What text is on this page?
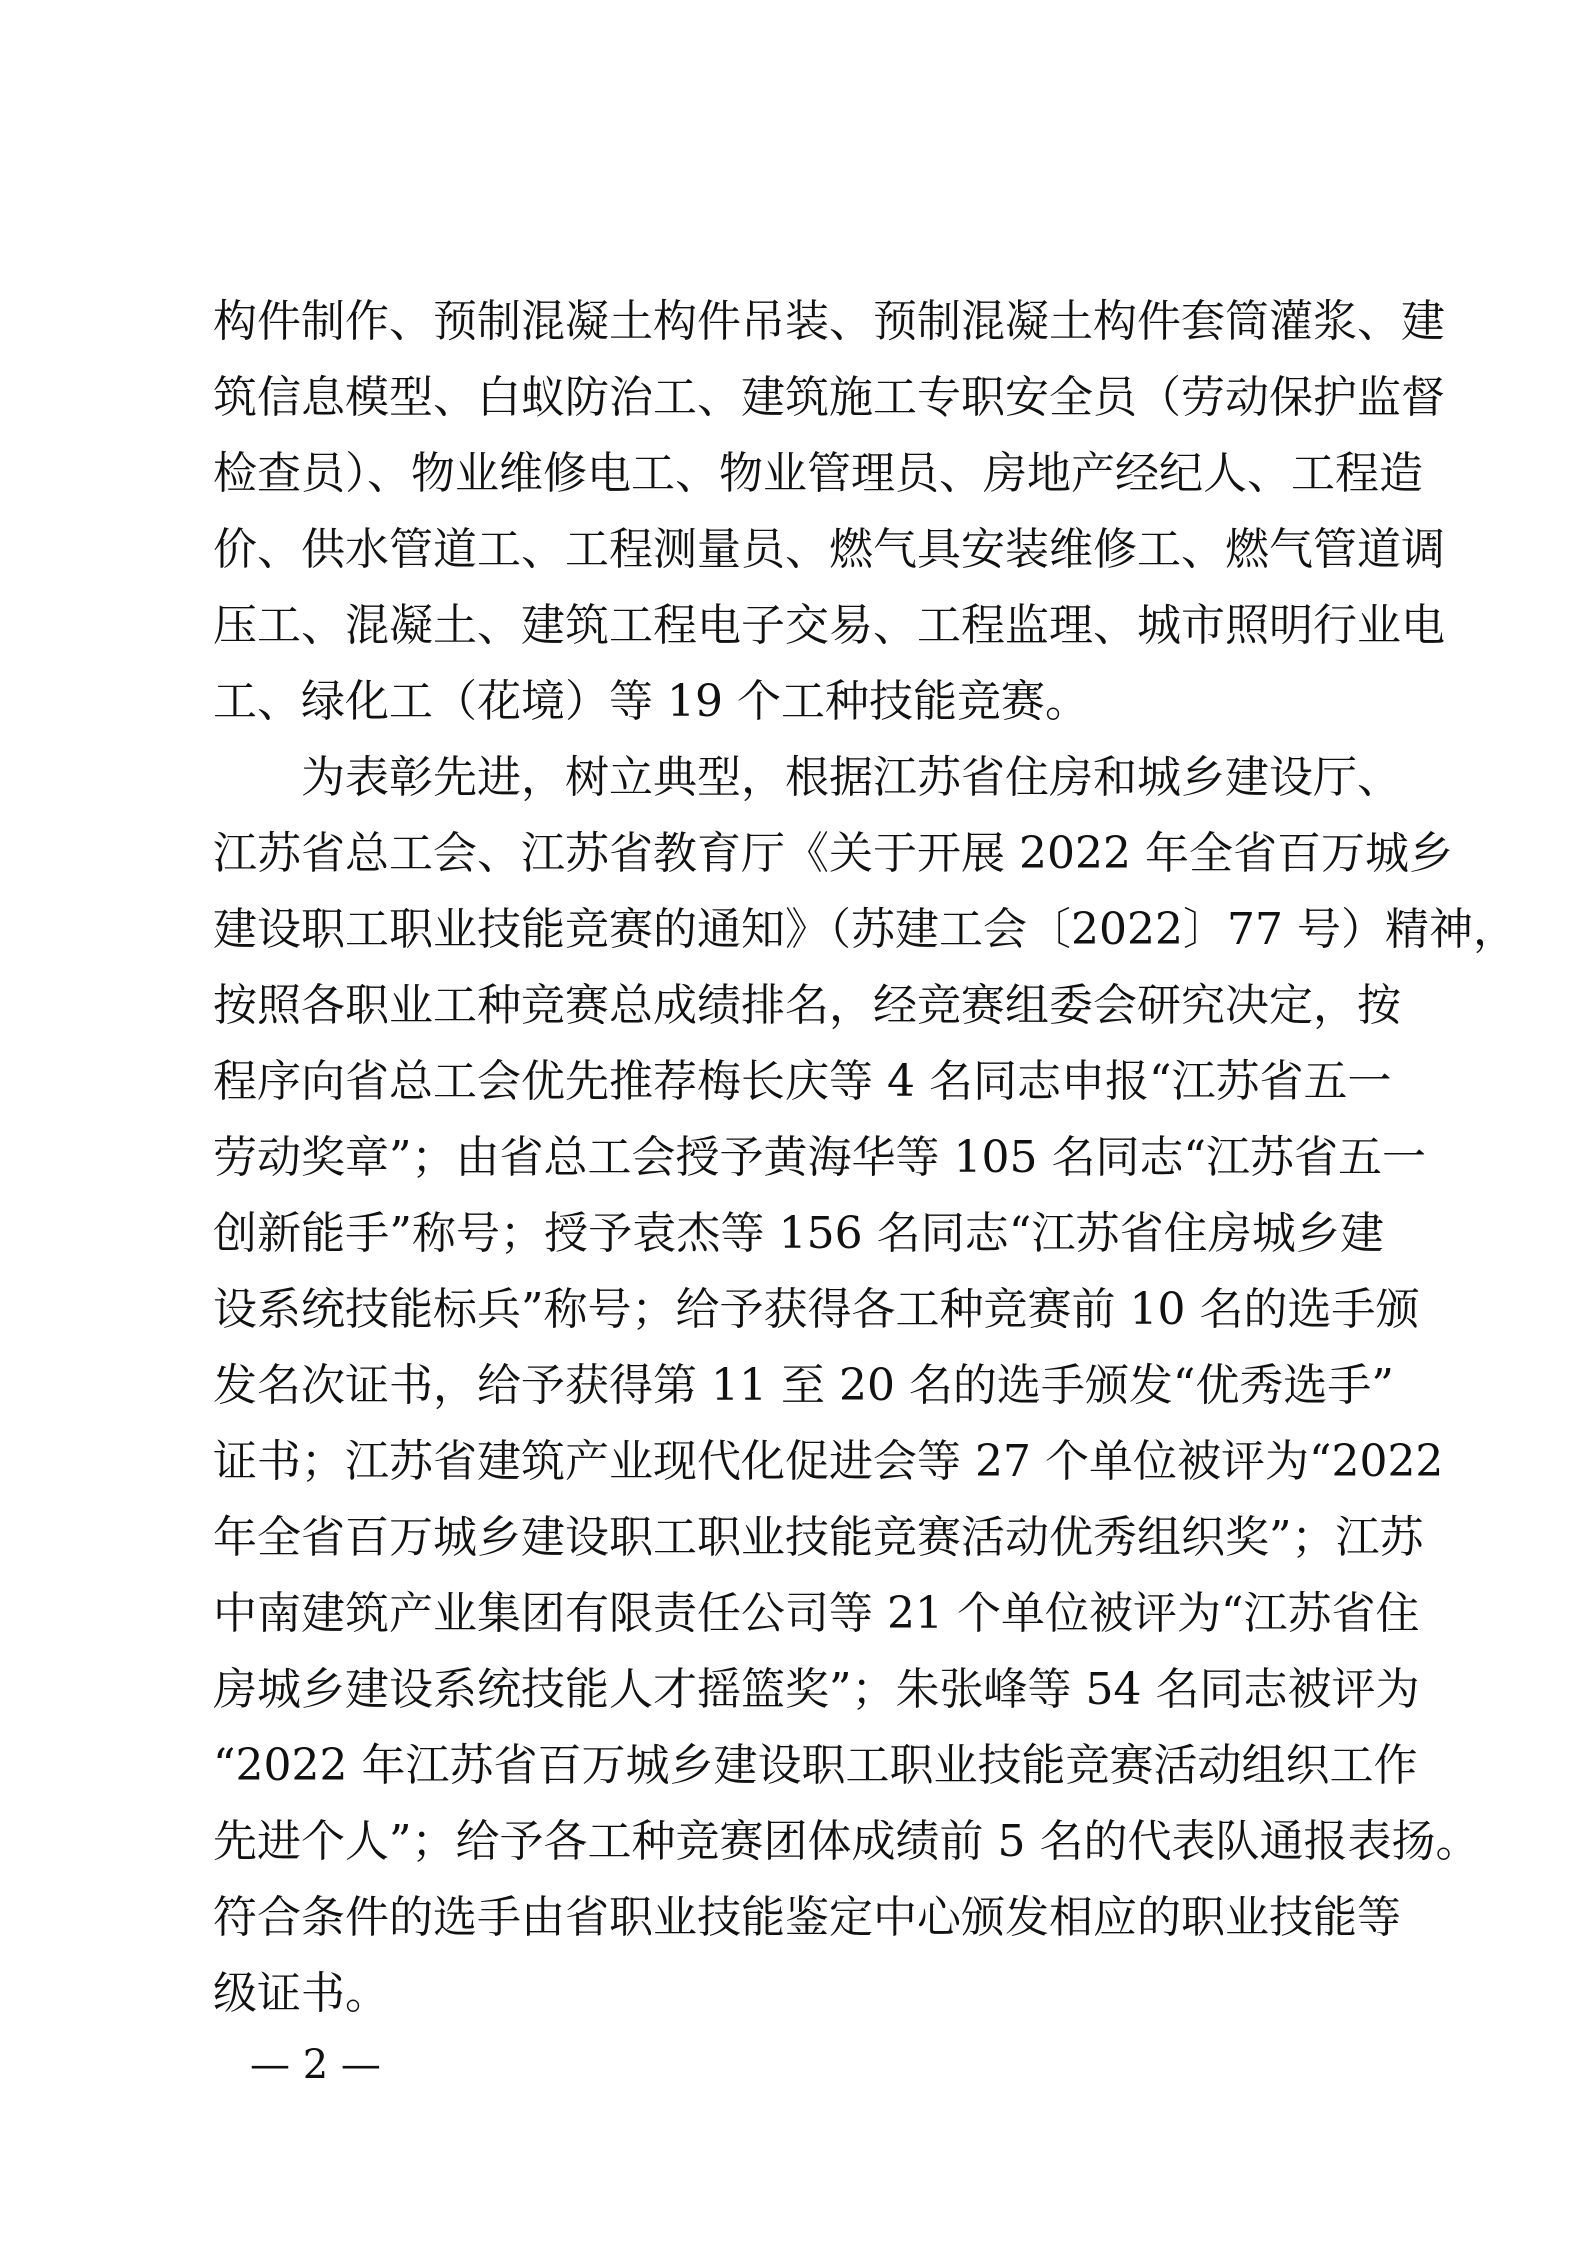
构件制作、预制混凝土构件吊装、预制混凝土构件套筒灌浆、建
筑信息模型、白蚁防治工、建筑施工专职安全员（劳动保护监督
检查员）、物业维修电工、物业管理员、房地产经纪人、工程造
价、供水管道工、工程测量员、燃气具安装维修工、燃气管道调
压工、混凝土、建筑工程电子交易、工程监理、城市照明行业电
工、绿化工（花境）等 19 个工种技能竞赛。
为表彰先进，树立典型，根据江苏省住房和城乡建设厅、
江苏省总工会、江苏省教育厅《关于开展 2022 年全省百万城乡
建设职工职业技能竞赛的通知》（苏建工会〔2022〕77 号）精神，
按照各职业工种竞赛总成绩排名，经竞赛组委会研究决定，按
程序向省总工会优先推荐梅长庆等 4 名同志申报“江苏省五一
劳动奖章”；由省总工会授予黄海华等 105 名同志“江苏省五一
创新能手”称号；授予袁杰等 156 名同志“江苏省住房城乡建
设系统技能标兵”称号；给予获得各工种竞赛前 10 名的选手颁
发名次证书，给予获得第 11 至 20 名的选手颁发“优秀选手”
证书；江苏省建筑产业现代化促进会等 27 个单位被评为“2022
年全省百万城乡建设职工职业技能竞赛活动优秀组织奖”；江苏
中南建筑产业集团有限责任公司等 21 个单位被评为“江苏省住
房城乡建设系统技能人才摇篮奖”；朱张峰等 54 名同志被评为
“2022 年江苏省百万城乡建设职工职业技能竞赛活动组织工作
先进个人”；给予各工种竞赛团体成绩前 5 名的代表队通报表扬。
符合条件的选手由省职业技能鉴定中心颁发相应的职业技能等
级证书。
— 2 —
